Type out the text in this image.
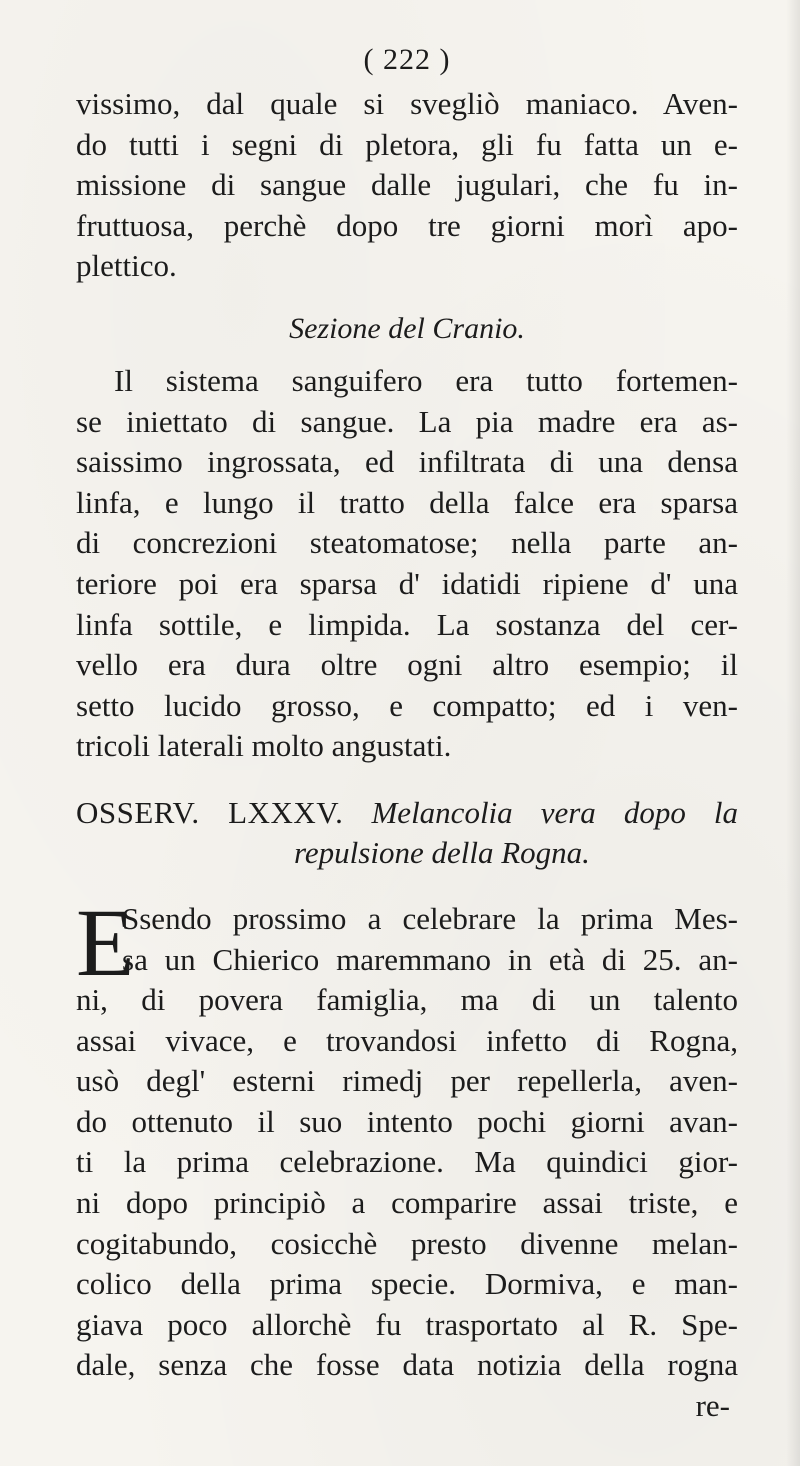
( 222 )
vissimo, dal quale si svegliò maniaco. Aven-
do tutti i segni di pletora, gli fu fatta un e-
missione di sangue dalle jugulari, che fu in-
fruttuosa, perchè dopo tre giorni morì apo-
plettico.
Sezione del Cranio.
Il sistema sanguifero era tutto fortemen-
se iniettato di sangue. La pia madre era as-
saissimo ingrossata, ed infiltrata di una densa
linfa, e lungo il tratto della falce era sparsa
di concrezioni steatomatose; nella parte an-
teriore poi era sparsa d' idatidi ripiene d' una
linfa sottile, e limpida. La sostanza del cer-
vello era dura oltre ogni altro esempio; il
setto lucido grosso, e compatto; ed i ven-
tricoli laterali molto angustati.
OSSERV. LXXXV. Melancolia vera dopo la
repulsione della Rogna.
E
Ssendo prossimo a celebrare la prima Mes-
sa un Chierico maremmano in età di 25. an-
ni, di povera famiglia, ma di un talento
assai vivace, e trovandosi infetto di Rogna,
usò degl' esterni rimedj per repellerla, aven-
do ottenuto il suo intento pochi giorni avan-
ti la prima celebrazione. Ma quindici gior-
ni dopo principiò a comparire assai triste, e
cogitabundo, cosicchè presto divenne melan-
colico della prima specie. Dormiva, e man-
giava poco allorchè fu trasportato al R. Spe-
dale, senza che fosse data notizia della rogna
re-
